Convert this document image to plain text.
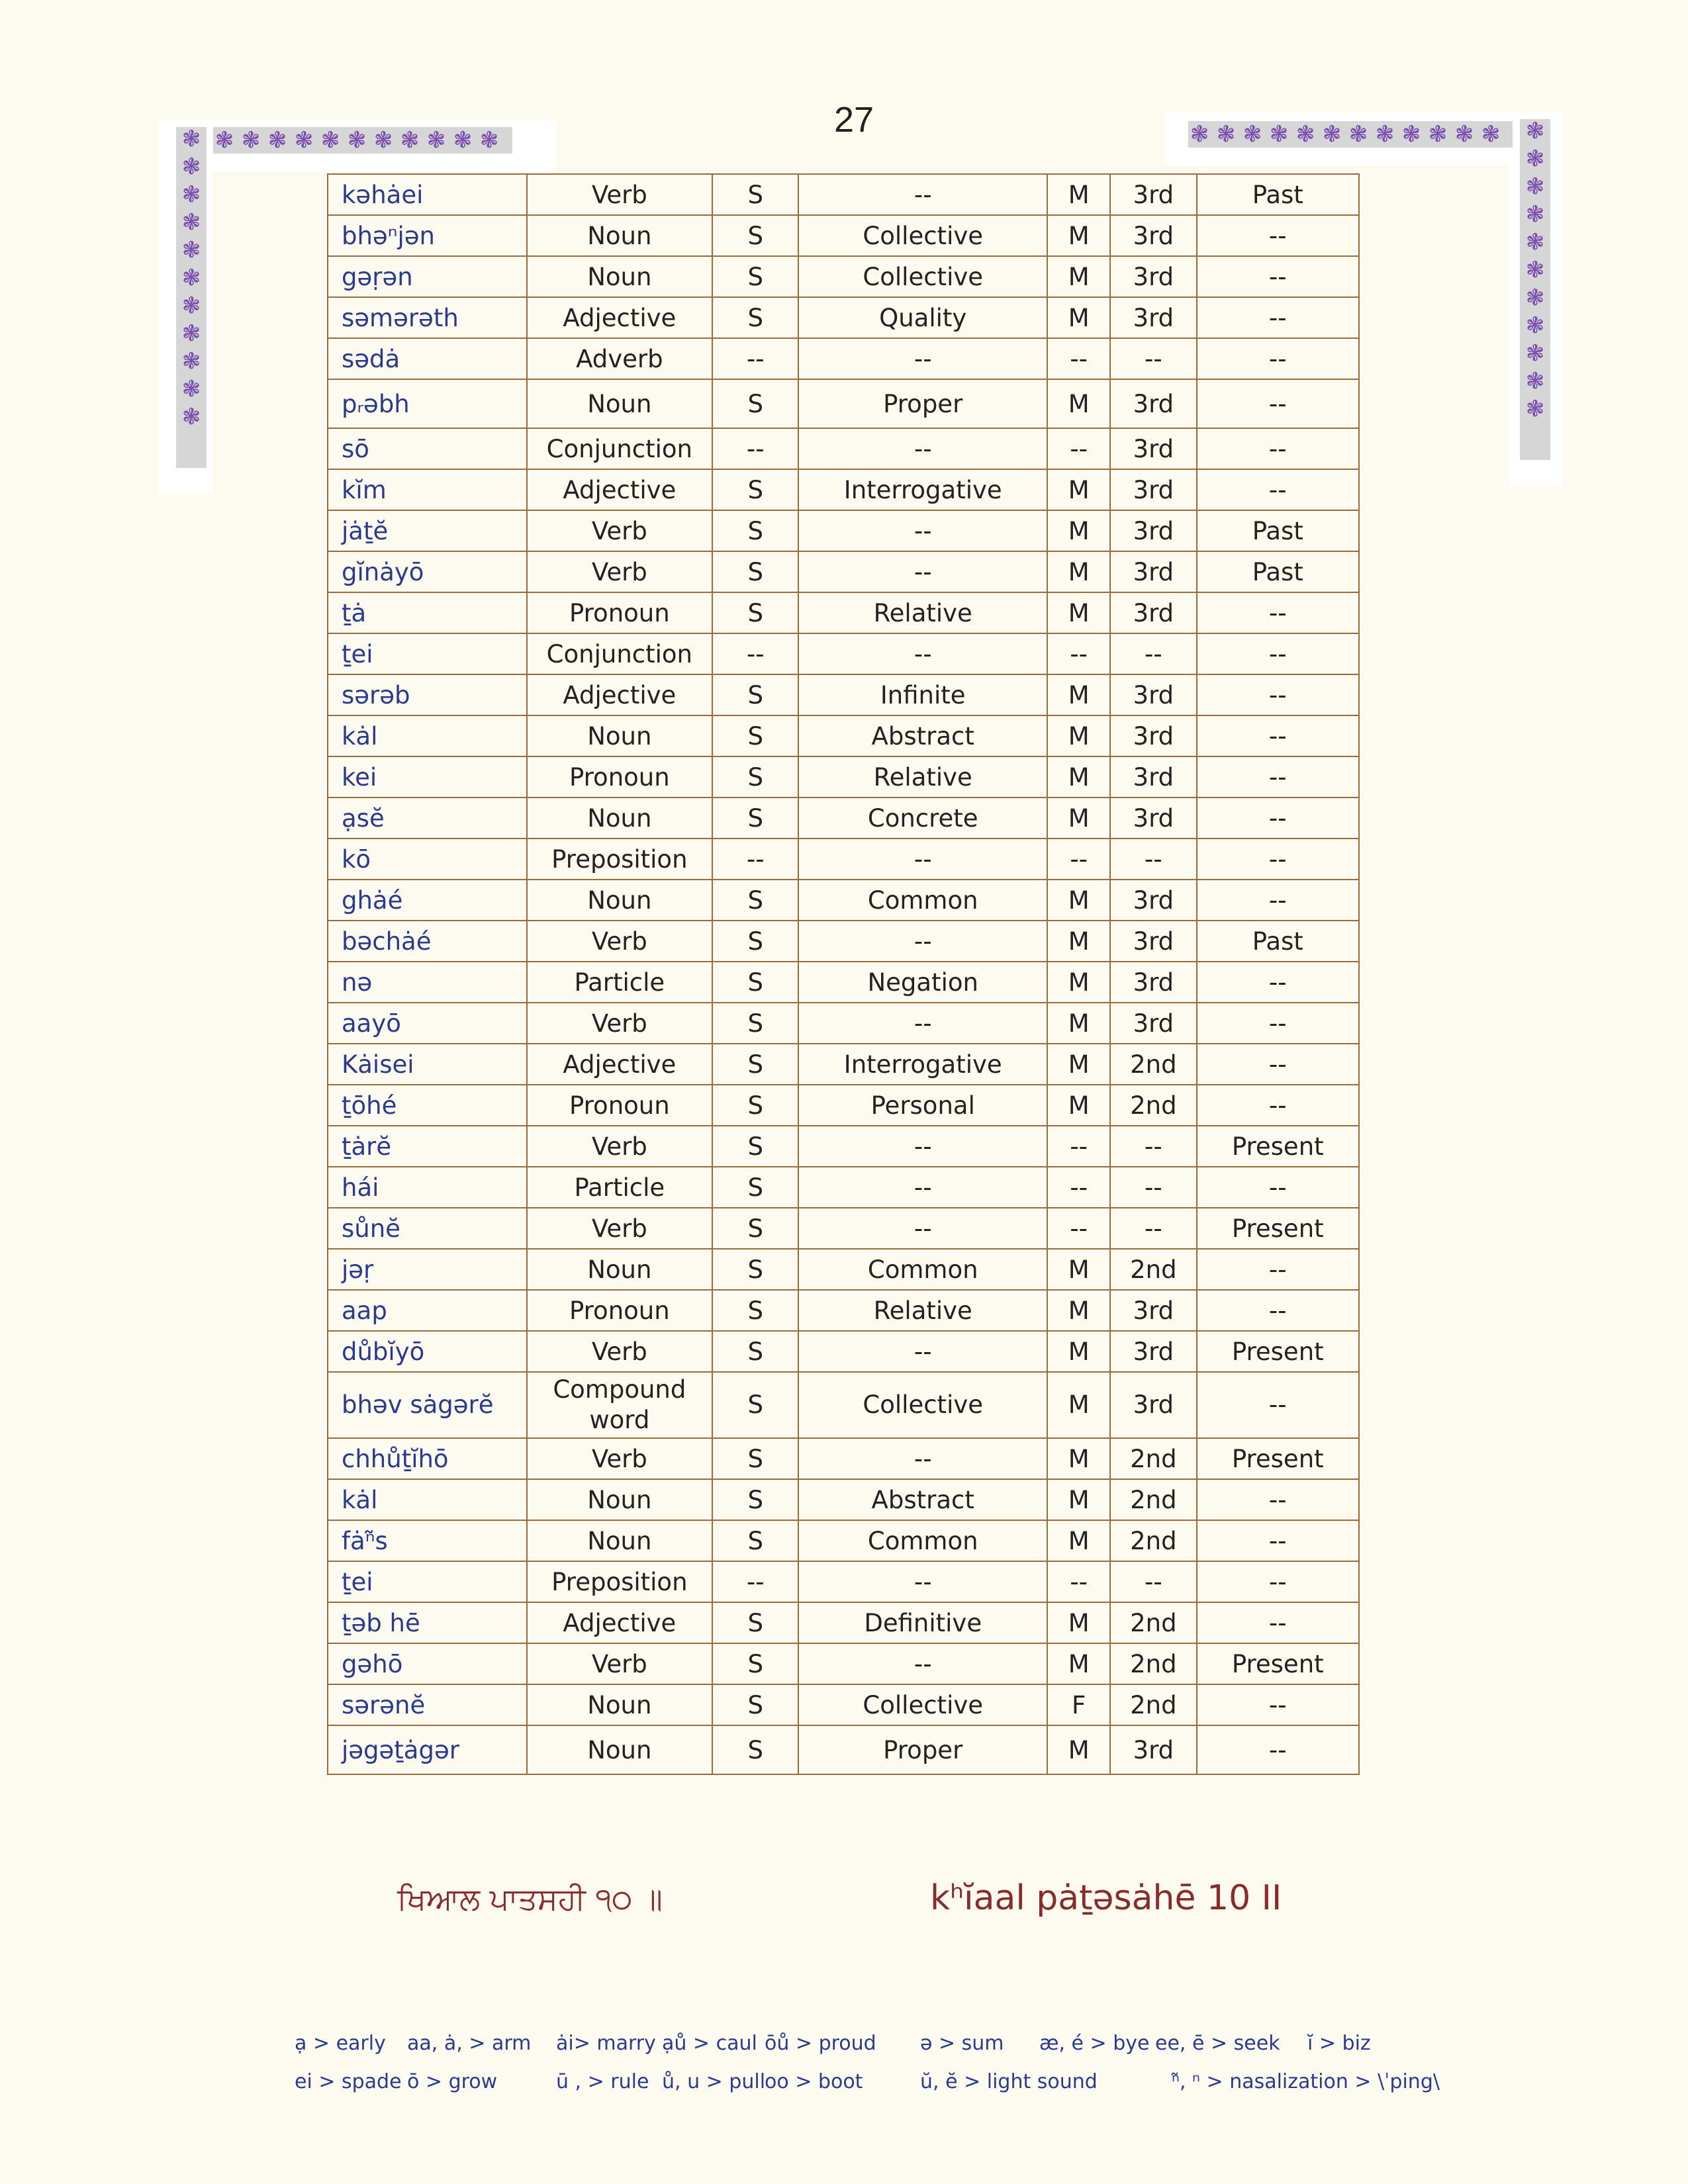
27
❃ ❃ ❃ ❃ ❃ ❃ ❃ ❃ ❃ ❃ ❃
❃
❃
❃
❃
❃
❃
❃
❃
❃
❃
❃
❃ ❃ ❃ ❃ ❃ ❃ ❃ ❃ ❃ ❃ ❃ ❃ ❃
❃
❃
❃
❃
❃
❃
❃
❃
❃
❃
kəhȧei	Verb	S	--	M	3rd	Past
bhəⁿjən	Noun	S	Collective	M	3rd	--
gəṛən	Noun	S	Collective	M	3rd	--
səmərəth	Adjective	S	Quality	M	3rd	--
sədȧ	Adverb	--	--	--	--	--
pᵣəbh	Noun	S	Proper	M	3rd	--
sō	Conjunction	--	--	--	3rd	--
kĭm	Adjective	S	Interrogative	M	3rd	--
jȧṯĕ	Verb	S	--	M	3rd	Past
gĭnȧyō	Verb	S	--	M	3rd	Past
ṯȧ	Pronoun	S	Relative	M	3rd	--
ṯei	Conjunction	--	--	--	--	--
sərəb	Adjective	S	Infinite	M	3rd	--
kȧl	Noun	S	Abstract	M	3rd	--
kei	Pronoun	S	Relative	M	3rd	--
ạsĕ	Noun	S	Concrete	M	3rd	--
kō	Preposition	--	--	--	--	--
ghȧé	Noun	S	Common	M	3rd	--
bəchȧé	Verb	S	--	M	3rd	Past
nə	Particle	S	Negation	M	3rd	--
aayō	Verb	S	--	M	3rd	--
Kȧisei	Adjective	S	Interrogative	M	2nd	--
ṯōhé	Pronoun	S	Personal	M	2nd	--
ṯȧrĕ	Verb	S	--	--	--	Present
hái	Particle	S	--	--	--	--
sůnĕ	Verb	S	--	--	--	Present
jəṛ	Noun	S	Common	M	2nd	--
aap	Pronoun	S	Relative	M	3rd	--
důbĭyō	Verb	S	--	M	3rd	Present
bhəv sȧgərĕ	Compound word	S	Collective	M	3rd	--
chhůṯĭhō	Verb	S	--	M	2nd	Present
kȧl	Noun	S	Abstract	M	2nd	--
fȧⁿ̃s	Noun	S	Common	M	2nd	--
ṯei	Preposition	--	--	--	--	--
ṯəb hē	Adjective	S	Definitive	M	2nd	--
gəhō	Verb	S	--	M	2nd	Present
sərənĕ	Noun	S	Collective	F	2nd	--
jəgəṯȧgər	Noun	S	Proper	M	3rd	--
ਖਿਆਲ ਪਾਤਸਹੀ ੧੦ ॥	kʰĭaal pȧṯəsȧhē 10 II
ạ > early aa, ȧ, > arm ȧi> marry ạů > caul ōů > proud ə > sum æ, é > bye ee, ē > seek ĭ > biz
ei > spade ō > grow	ū , > rule ů, u > pull
oo > boot	ŭ, ĕ > light sound	ⁿ̃, ⁿ > nasalization > \ˈping\
